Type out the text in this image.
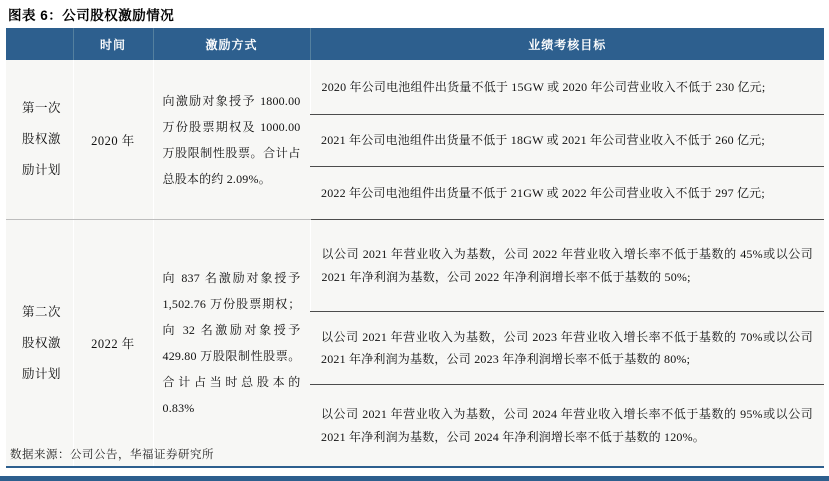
图表 6：公司股权激励情况
	时间	激励方式	业绩考核目标
第一次股权激励计划	2020 年	向激励对象授予 1800.00 万份股票期权及 1000.00 万股限制性股票。合计占总股本的约 2.09%。	2020 年公司电池组件出货量不低于 15GW 或 2020 年公司营业收入不低于 230 亿元;
			2021 年公司电池组件出货量不低于 18GW 或 2021 年公司营业收入不低于 260 亿元;
			2022 年公司电池组件出货量不低于 21GW 或 2022 年公司营业收入不低于 297 亿元;
第二次股权激励计划	2022 年	向 837 名激励对象授予 1,502.76 万份股票期权；向 32 名激励对象授予 429.80 万股限制性股票。合计占当时总股本的 0.83%	以公司 2021 年营业收入为基数，公司 2022 年营业收入增长率不低于基数的 45%或以公司 2021 年净利润为基数，公司 2022 年净利润增长率不低于基数的 50%;
			以公司 2021 年营业收入为基数，公司 2023 年营业收入增长率不低于基数的 70%或以公司 2021 年净利润为基数，公司 2023 年净利润增长率不低于基数的 80%;
			以公司 2021 年营业收入为基数，公司 2024 年营业收入增长率不低于基数的 95%或以公司 2021 年净利润为基数，公司 2024 年净利润增长率不低于基数的 120%。
数据来源：公司公告，华福证券研究所
